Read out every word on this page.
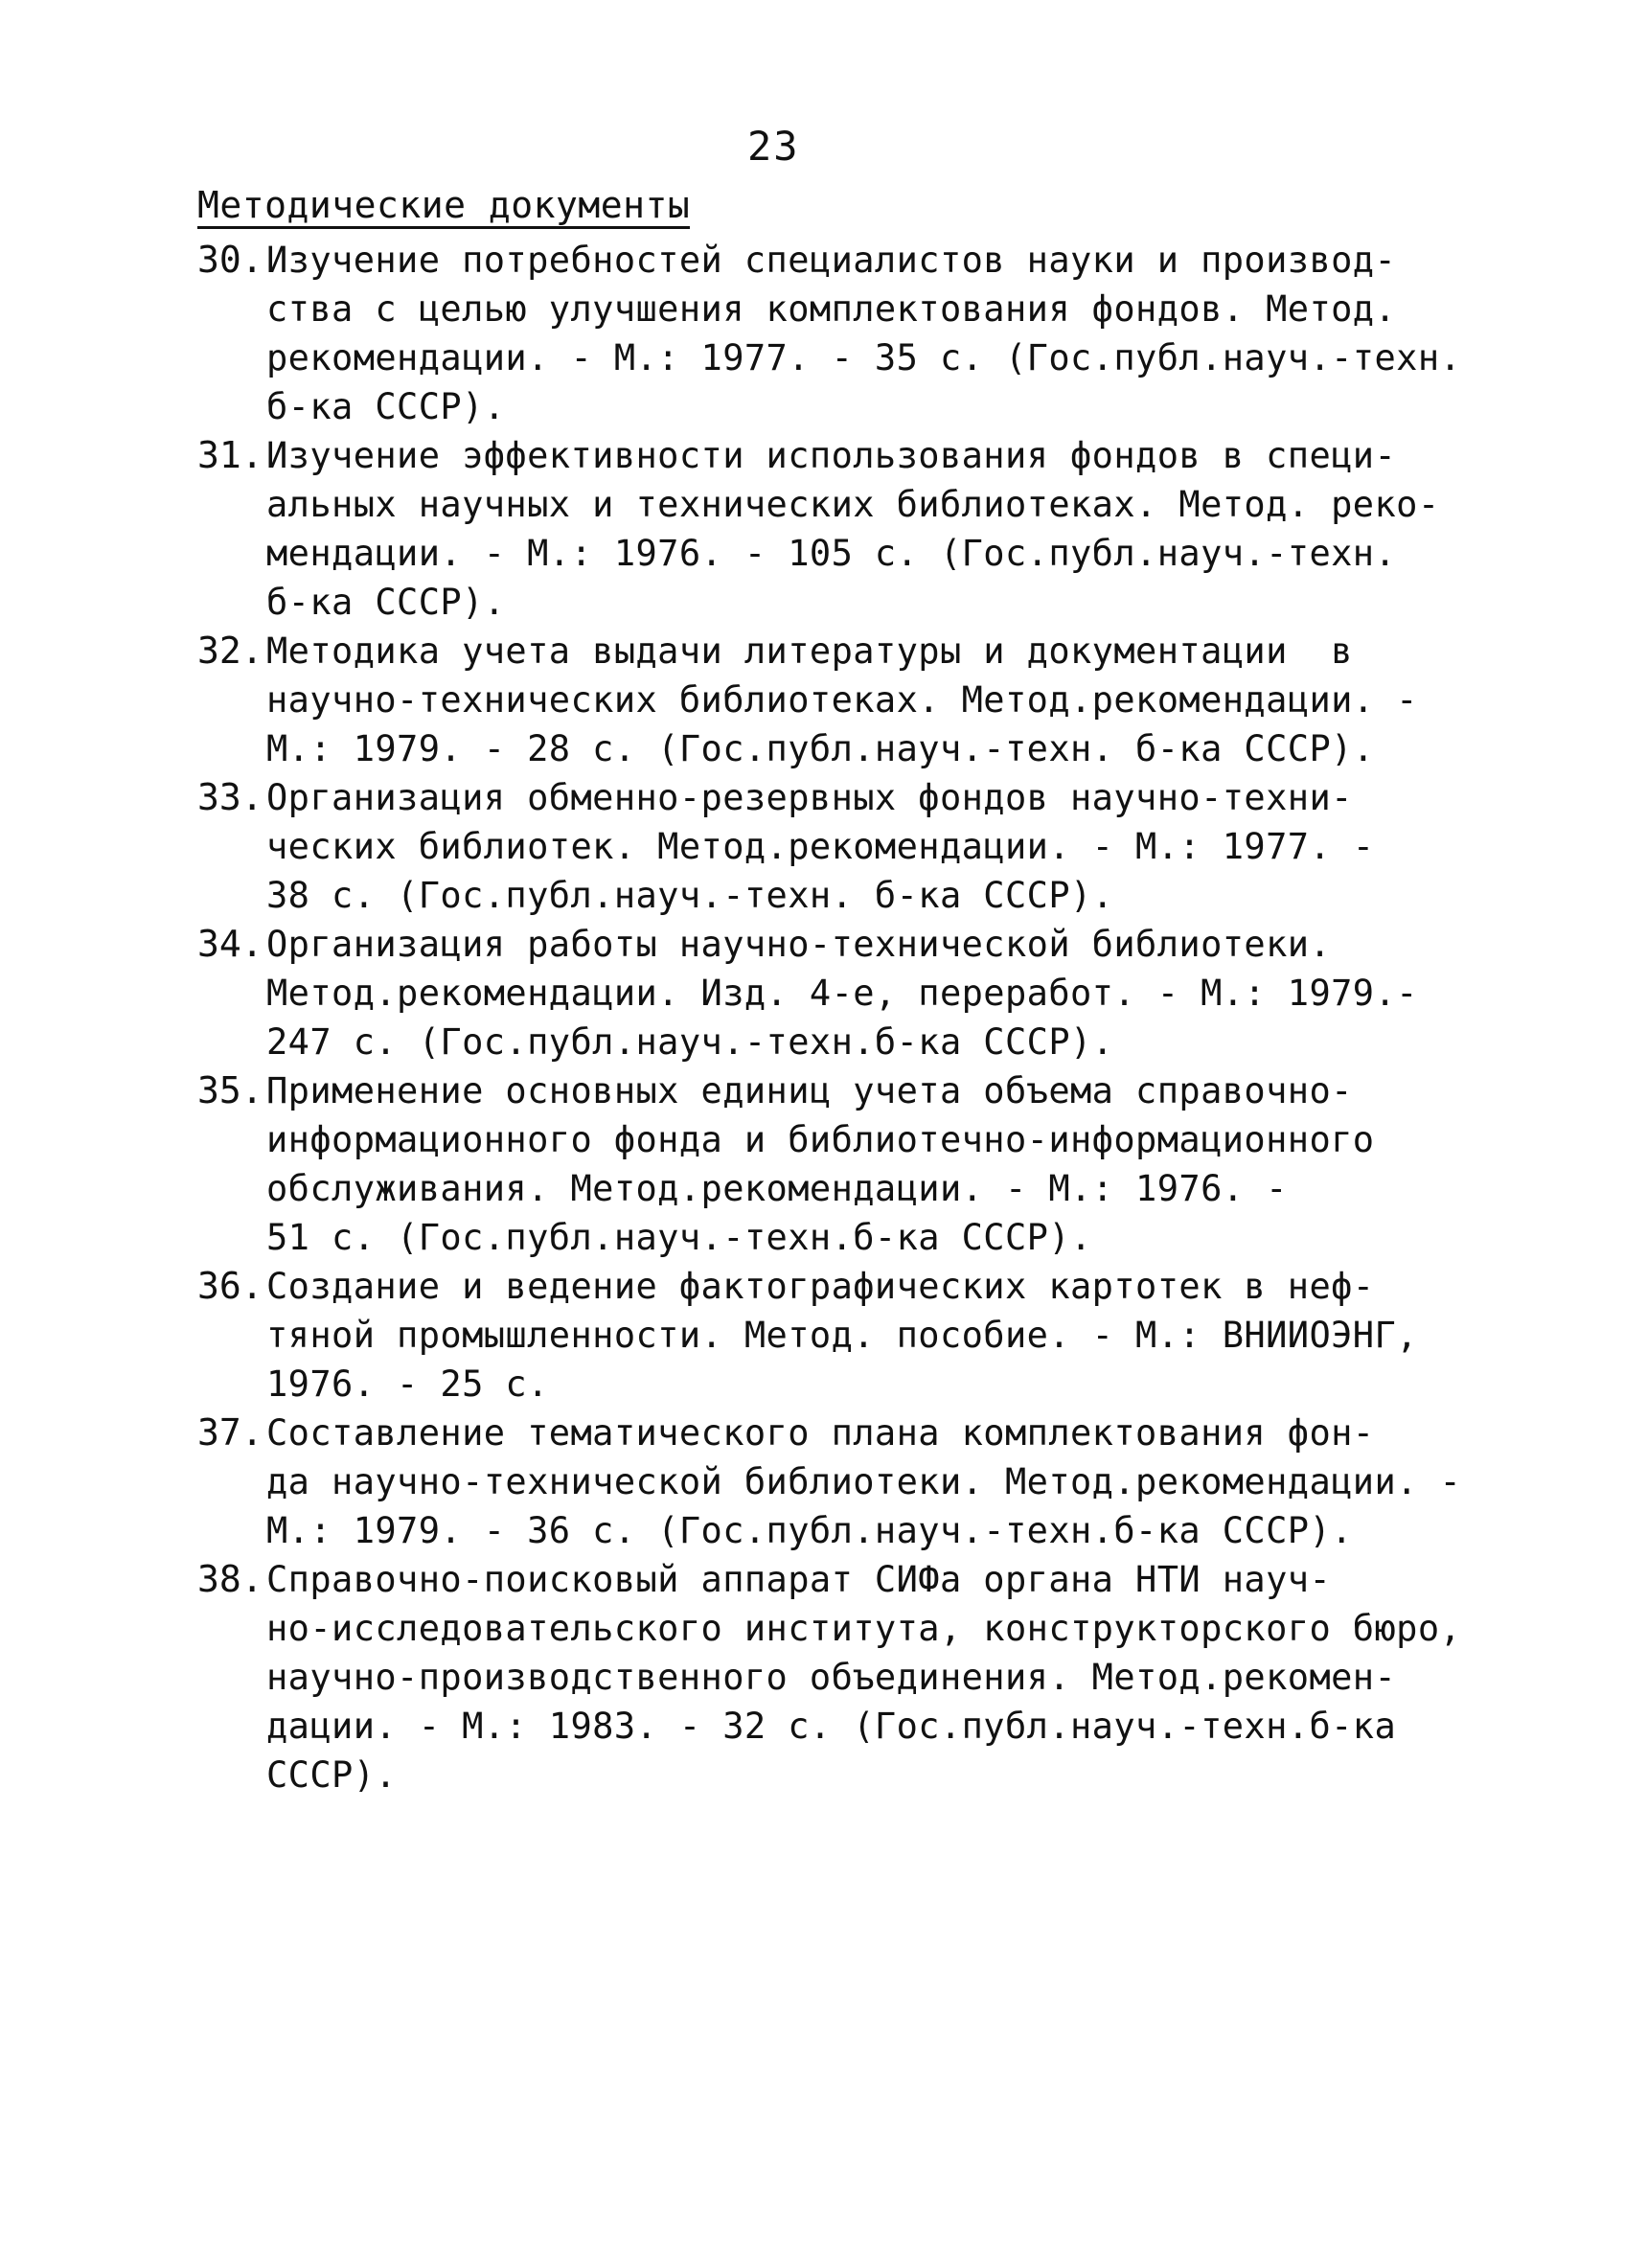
23
Методические документы
30. Изучение потребностей специалистов науки и производ-
ства с целью улучшения комплектования фондов. Метод.
рекомендации. - М.: 1977. - 35 с. (Гос.публ.науч.-техн.
б-ка СССР).
31. Изучение эффективности использования фондов в специ-
альных научных и технических библиотеках. Метод. реко-
мендации. - М.: 1976. - 105 с. (Гос.публ.науч.-техн.
б-ка СССР).
32. Методика учета выдачи литературы и документации  в
научно-технических библиотеках. Метод.рекомендации. -
М.: 1979. - 28 с. (Гос.публ.науч.-техн. б-ка СССР).
33. Организация обменно-резервных фондов научно-техни-
ческих библиотек. Метод.рекомендации. - М.: 1977. -
38 с. (Гос.публ.науч.-техн. б-ка СССР).
34. Организация работы научно-технической библиотеки.
Метод.рекомендации. Изд. 4-е, переработ. - М.: 1979.-
247 с. (Гос.публ.науч.-техн.б-ка СССР).
35. Применение основных единиц учета объема справочно-
информационного фонда и библиотечно-информационного
обслуживания. Метод.рекомендации. - М.: 1976. -
51 с. (Гос.публ.науч.-техн.б-ка СССР).
36. Создание и ведение фактографических картотек в неф-
тяной промышленности. Метод. пособие. - М.: ВНИИОЭНГ,
1976. - 25 с.
37. Составление тематического плана комплектования фон-
да научно-технической библиотеки. Метод.рекомендации. -
М.: 1979. - 36 с. (Гос.публ.науч.-техн.б-ка СССР).
38. Справочно-поисковый аппарат СИФа органа НТИ науч-
но-исследовательского института, конструкторского бюро,
научно-производственного объединения. Метод.рекомен-
дации. - М.: 1983. - 32 с. (Гос.публ.науч.-техн.б-ка
СССР).
